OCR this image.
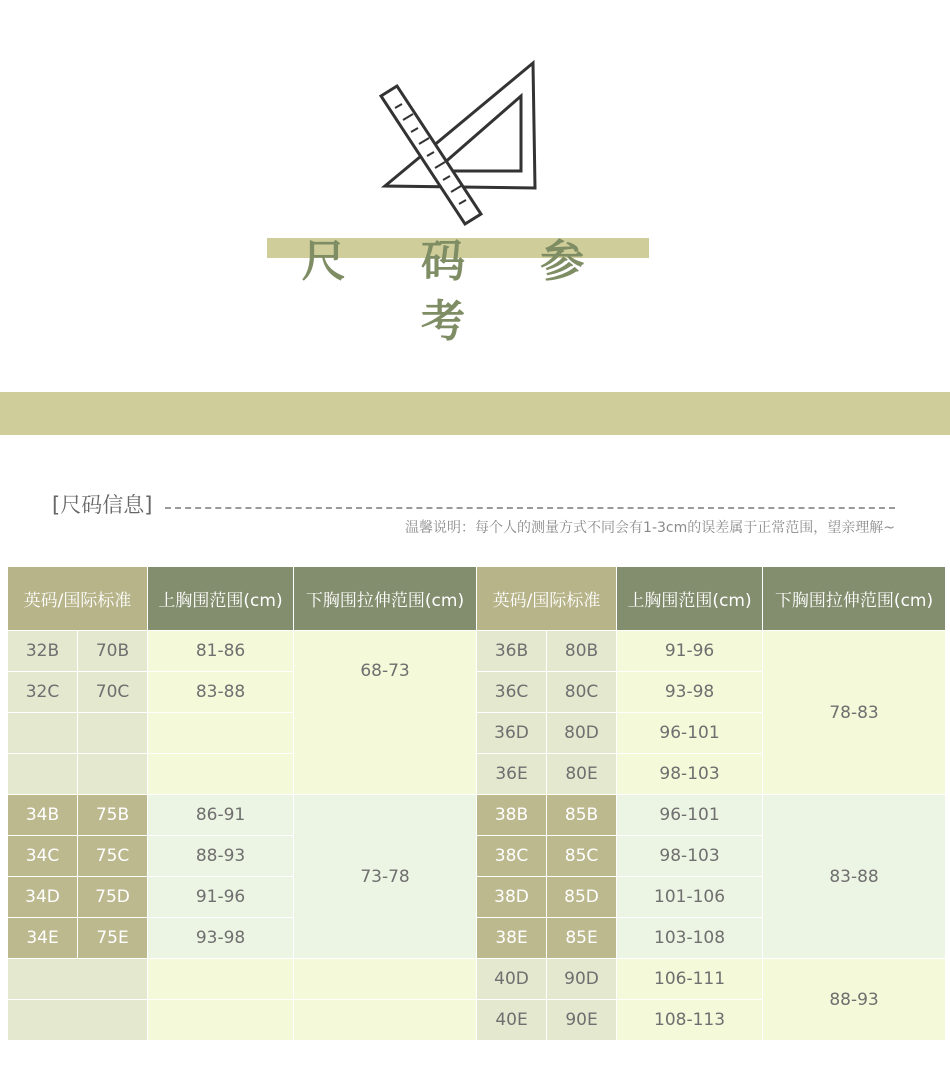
尺 码 参 考
[尺码信息]
温馨说明：每个人的测量方式不同会有1-3cm的误差属于正常范围，望亲理解~
英码/国际标准		上胸围范围(cm)	下胸围拉伸范围(cm)	英码/国际标准		上胸围范围(cm)	下胸围拉伸范围(cm)
32B	70B	81-86	68-73	36B	80B	91-96	78-83
32C	70C	83-88		36C	80C	93-98	
				36D	80D	96-101	
				36E	80E	98-103	
34B	75B	86-91	73-78	38B	85B	96-101	83-88
34C	75C	88-93		38C	85C	98-103	
34D	75D	91-96		38D	85D	101-106	
34E	75E	93-98		38E	85E	103-108	
				40D	90D	106-111	88-93
				40E	90E	108-113	
